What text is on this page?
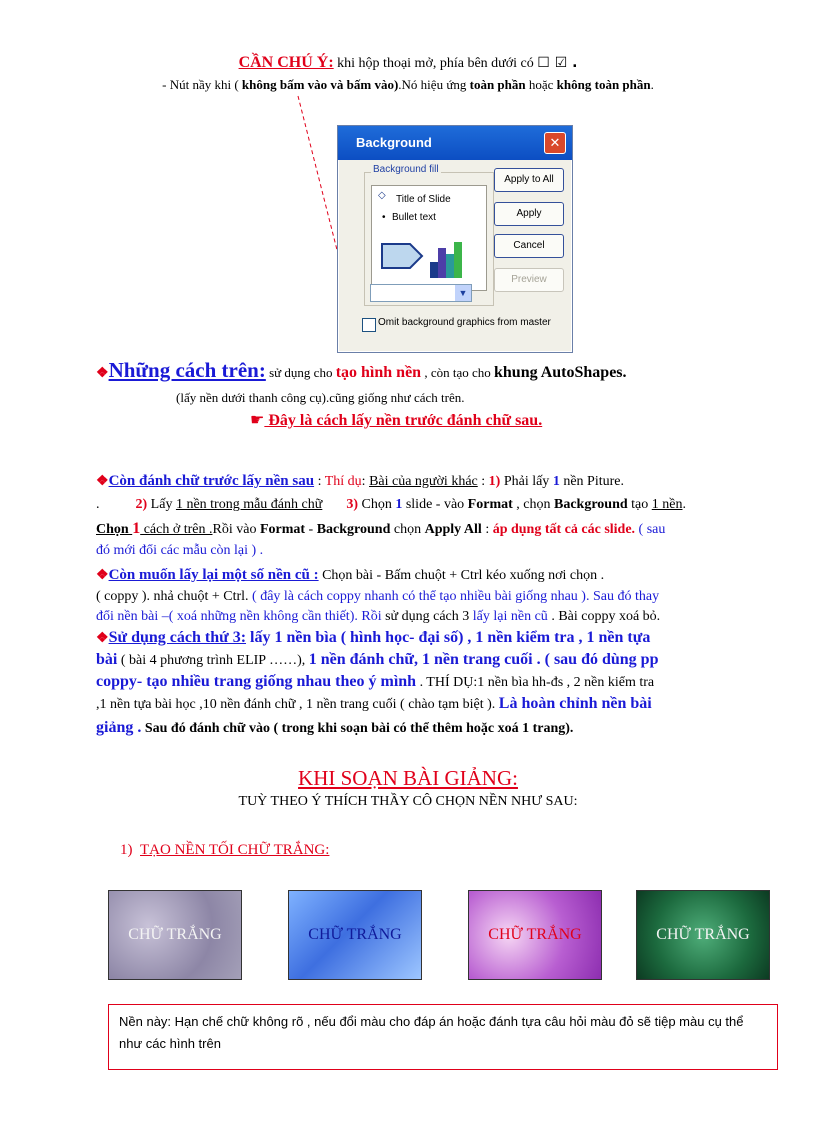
CẦN CHÚ Ý: khi hộp thoại mở, phía bên dưới có ☐ ☑ .
- Nút nầy khi ( không bấm vào và bấm vào).Nó hiệu ứng toàn phần hoặc không toàn phần.
Background	✕
Background fill
◇ Title of Slide
• Bullet text
Apply to All
Apply
Cancel
Preview
▼
Omit background graphics from master
❖Những cách trên: sử dụng cho tạo hình nền , còn tạo cho khung AutoShapes.
(lấy nền dưới thanh công cụ).cũng giống như cách trên.
☛ Đây là cách lấy nền trước đánh chữ sau.
❖Còn đánh chữ trước lấy nền sau : Thí dụ: Bài của người khác : 1) Phải lấy 1 nền Piture.
.	2) Lấy 1 nền trong mẫu đánh chữ 3) Chọn 1 slide - vào Format , chọn Background tạo 1 nền.
Chọn 1 cách ở trên .Rồi vào Format - Background chọn Apply All : áp dụng tất cả các slide. ( sau
đó mới đổi các mẫu còn lại ) .
❖Còn muốn lấy lại một số nền cũ : Chọn bài - Bấm chuột + Ctrl kéo xuống nơi chọn .
( coppy ). nhả chuột + Ctrl. ( đây là cách coppy nhanh có thể tạo nhiều bài giống nhau ). Sau đó thay
đổi nền bài –( xoá những nền không cần thiết). Rồi sử dụng cách 3 lấy lại nền cũ . Bài coppy xoá bỏ.
❖Sử dụng cách thứ 3: lấy 1 nền bìa ( hình học- đại số) , 1 nền kiểm tra , 1 nền tựa
bài ( bài 4 phương trình ELIP ……), 1 nền đánh chữ, 1 nền trang cuối . ( sau đó dùng pp
coppy- tạo nhiều trang giống nhau theo ý mình . THÍ DỤ:1 nền bìa hh-đs , 2 nền kiểm tra
,1 nền tựa bài học ,10 nền đánh chữ , 1 nền trang cuối ( chào tạm biệt ). Là hoàn chỉnh nền bài
giảng . Sau đó đánh chữ vào ( trong khi soạn bài có thể thêm hoặc xoá 1 trang).
KHI SOẠN BÀI GIẢNG:
TUỲ THEO Ý THÍCH THẦY CÔ CHỌN NỀN NHƯ SAU:
1) TẠO NỀN TỐI CHỮ TRẮNG:
CHỮ TRẮNG	CHỮ TRẮNG	CHỮ TRẮNG	CHỮ TRẮNG
Nền này: Hạn chế chữ không rõ , nếu đổi màu cho đáp án hoặc đánh tựa câu hỏi màu đỏ sẽ tiệp màu cụ thể như các hình trên
